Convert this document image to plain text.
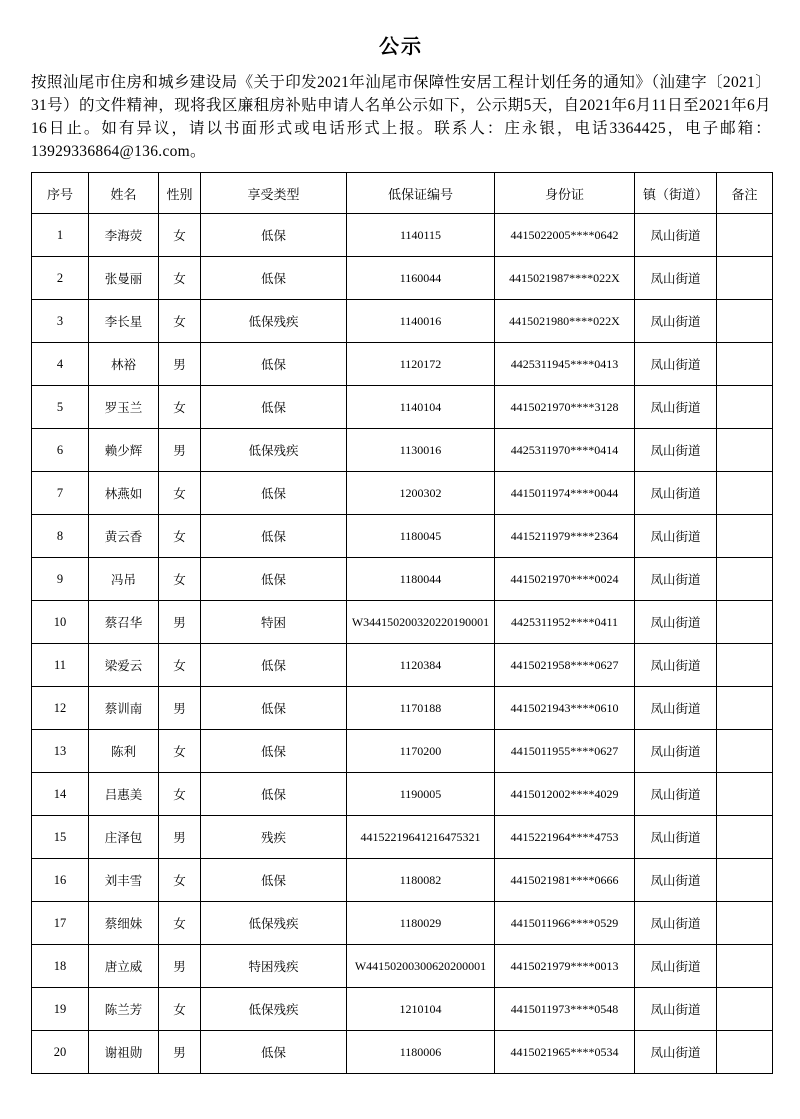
公示

按照汕尾市住房和城乡建设局《关于印发2021年汕尾市保障性安居工程计划任务的通知》（汕建字〔2021〕31号）的文件精神，现将我区廉租房补贴申请人名单公示如下，公示期5天，自2021年6月11日至2021年6月16日止。如有异议，请以书面形式或电话形式上报。联系人：庄永银，电话3364425，电子邮箱：13929336864@136.com。

序号	姓名	性别	享受类型	低保证编号	身份证	镇（街道）	备注
1	李海荧	女	低保	1140115	4415022005****0642	凤山街道	
2	张曼丽	女	低保	1160044	4415021987****022X	凤山街道	
3	李长星	女	低保残疾	1140016	4415021980****022X	凤山街道	
4	林裕	男	低保	1120172	4425311945****0413	凤山街道	
5	罗玉兰	女	低保	1140104	4415021970****3128	凤山街道	
6	赖少辉	男	低保残疾	1130016	4425311970****0414	凤山街道	
7	林燕如	女	低保	1200302	4415011974****0044	凤山街道	
8	黄云香	女	低保	1180045	4415211979****2364	凤山街道	
9	冯吊	女	低保	1180044	4415021970****0024	凤山街道	
10	蔡召华	男	特困	W344150200320220190001	4425311952****0411	凤山街道	
11	梁爱云	女	低保	1120384	4415021958****0627	凤山街道	
12	蔡训南	男	低保	1170188	4415021943****0610	凤山街道	
13	陈利	女	低保	1170200	4415011955****0627	凤山街道	
14	吕惠美	女	低保	1190005	4415012002****4029	凤山街道	
15	庄泽包	男	残疾	44152219641216475321	4415221964****4753	凤山街道	
16	刘丰雪	女	低保	1180082	4415021981****0666	凤山街道	
17	蔡细妹	女	低保残疾	1180029	4415011966****0529	凤山街道	
18	唐立威	男	特困残疾	W44150200300620200001	4415021979****0013	凤山街道	
19	陈兰芳	女	低保残疾	1210104	4415011973****0548	凤山街道	
20	谢祖勋	男	低保	1180006	4415021965****0534	凤山街道	
